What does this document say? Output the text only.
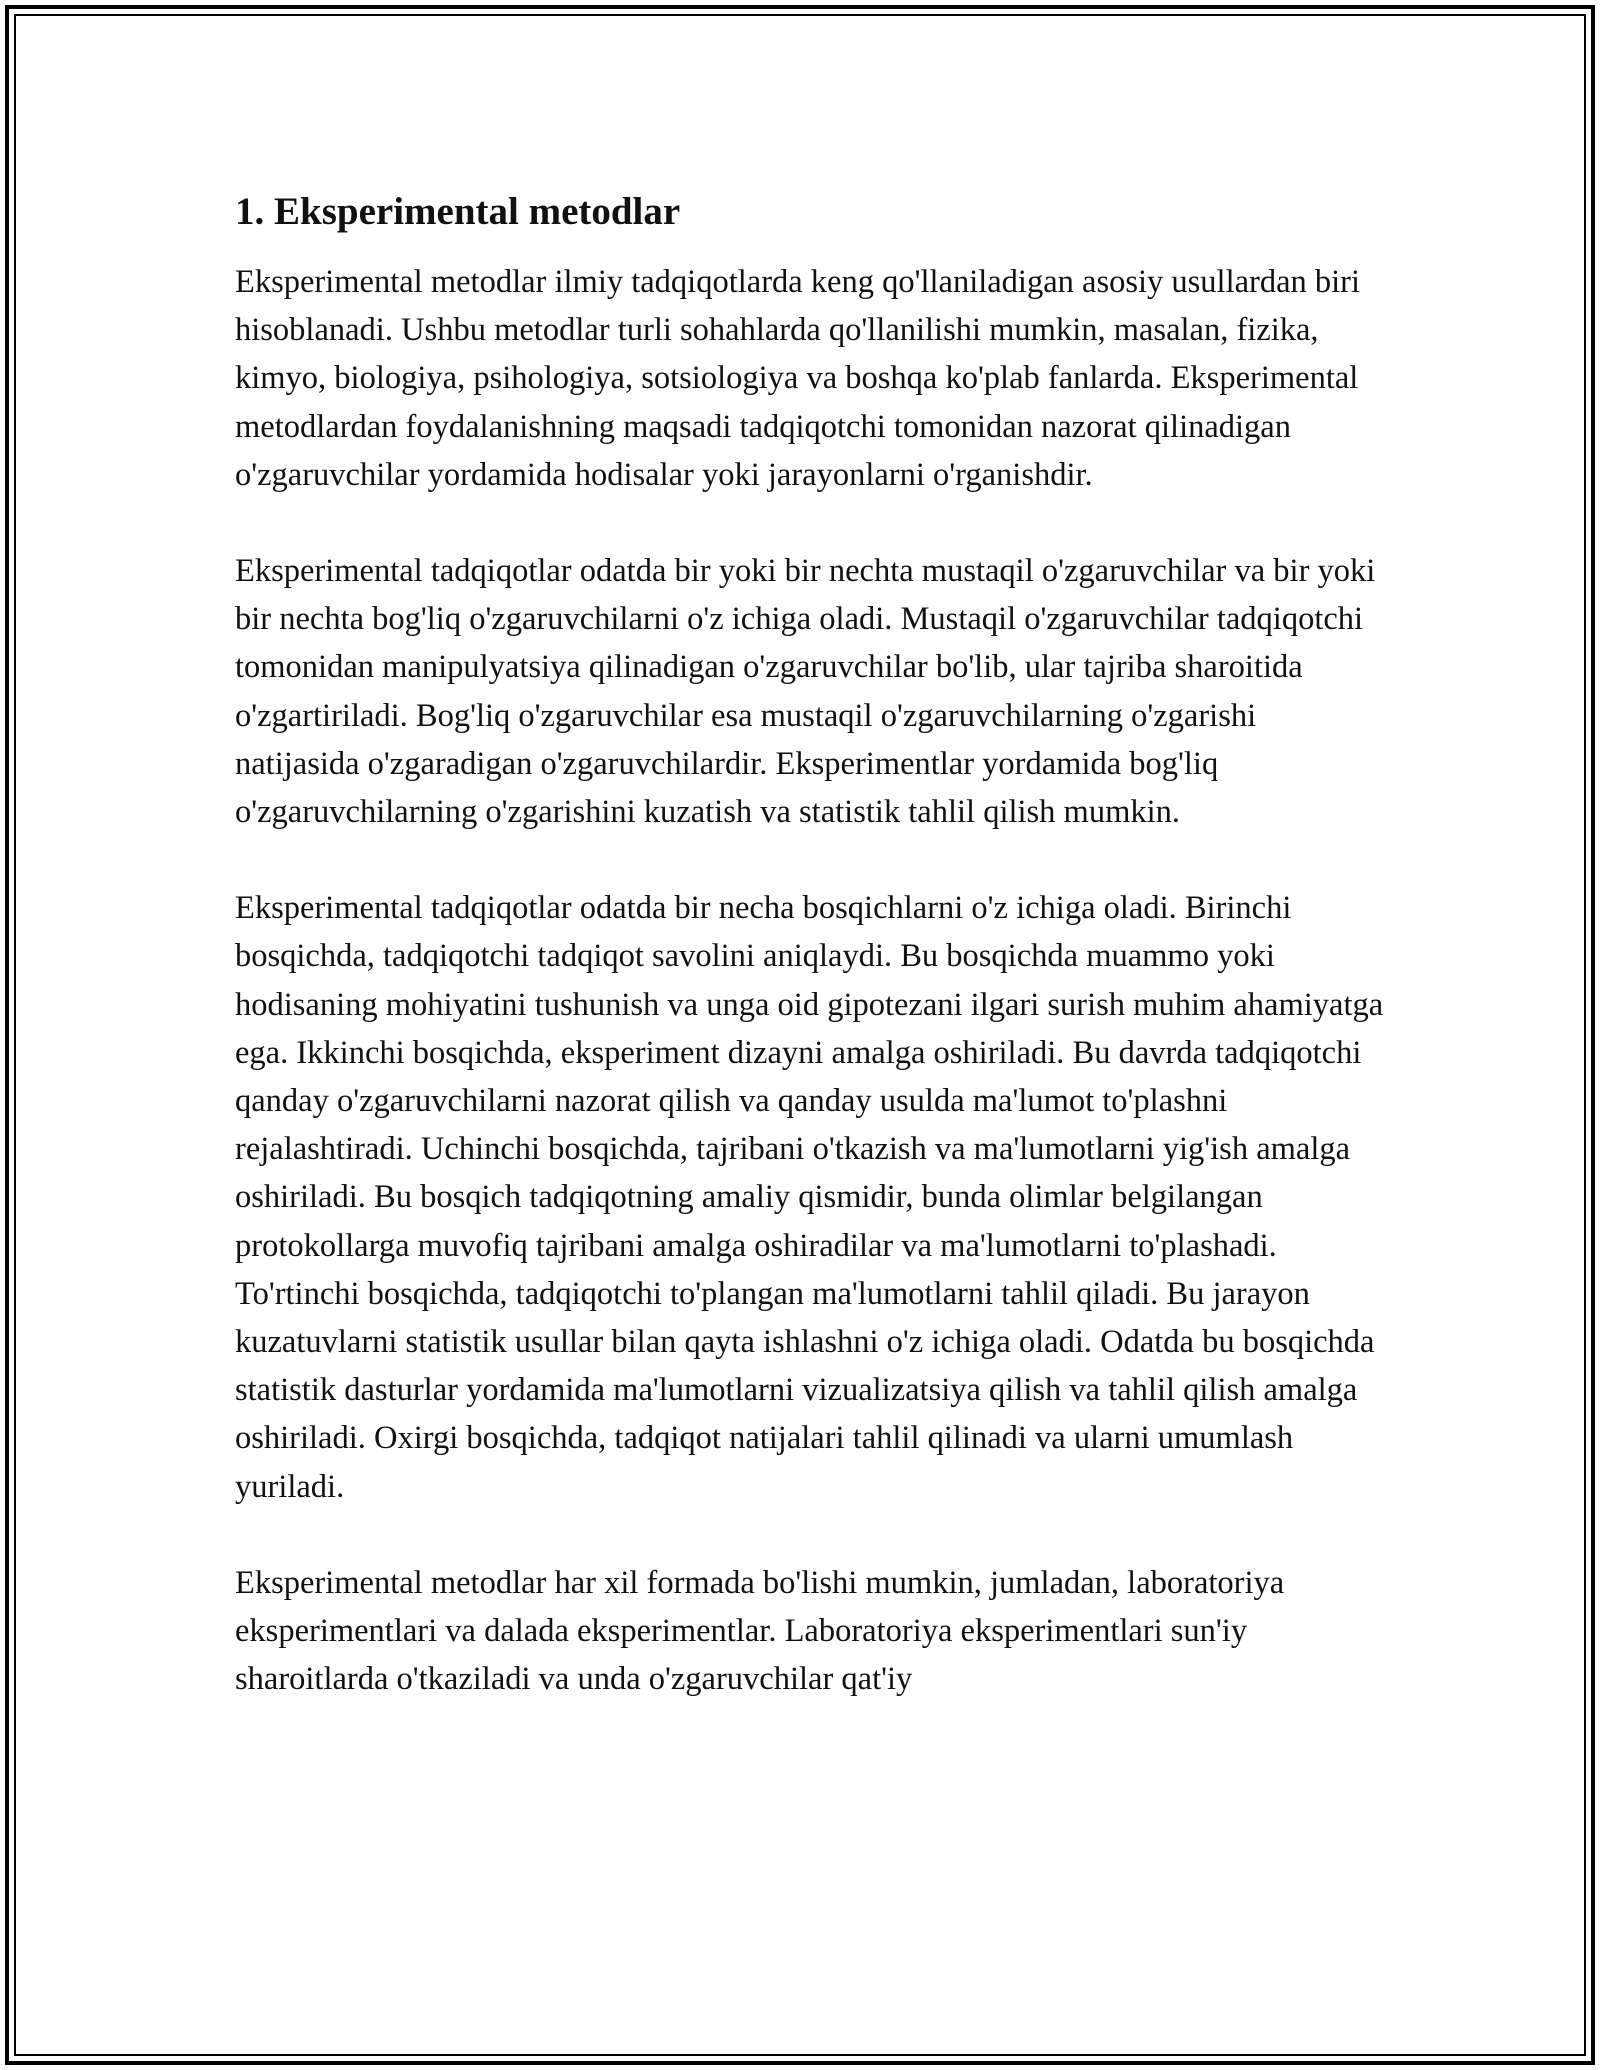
1. Eksperimental metodlar

Eksperimental metodlar ilmiy tadqiqotlarda keng qo'llaniladigan asosiy usullardan biri hisoblanadi. Ushbu metodlar turli sohahlarda qo'llanilishi mumkin, masalan, fizika, kimyo, biologiya, psihologiya, sotsiologiya va boshqa ko'plab fanlarda. Eksperimental metodlardan foydalanishning maqsadi tadqiqotchi tomonidan nazorat qilinadigan o'zgaruvchilar yordamida hodisalar yoki jarayonlarni o'rganishdir.

Eksperimental tadqiqotlar odatda bir yoki bir nechta mustaqil o'zgaruvchilar va bir yoki bir nechta bog'liq o'zgaruvchilarni o'z ichiga oladi. Mustaqil o'zgaruvchilar tadqiqotchi tomonidan manipulyatsiya qilinadigan o'zgaruvchilar bo'lib, ular tajriba sharoitida o'zgartiriladi. Bog'liq o'zgaruvchilar esa mustaqil o'zgaruvchilarning o'zgarishi natijasida o'zgaradigan o'zgaruvchilardir. Eksperimentlar yordamida bog'liq o'zgaruvchilarning o'zgarishini kuzatish va statistik tahlil qilish mumkin.

Eksperimental tadqiqotlar odatda bir necha bosqichlarni o'z ichiga oladi. Birinchi bosqichda, tadqiqotchi tadqiqot savolini aniqlaydi. Bu bosqichda muammo yoki hodisaning mohiyatini tushunish va unga oid gipotezani ilgari surish muhim ahamiyatga ega. Ikkinchi bosqichda, eksperiment dizayni amalga oshiriladi. Bu davrda tadqiqotchi qanday o'zgaruvchilarni nazorat qilish va qanday usulda ma'lumot to'plashni rejalashtiradi. Uchinchi bosqichda, tajribani o'tkazish va ma'lumotlarni yig'ish amalga oshiriladi. Bu bosqich tadqiqotning amaliy qismidir, bunda olimlar belgilangan protokollarga muvofiq tajribani amalga oshiradilar va ma'lumotlarni to'plashadi. To'rtinchi bosqichda, tadqiqotchi to'plangan ma'lumotlarni tahlil qiladi. Bu jarayon kuzatuvlarni statistik usullar bilan qayta ishlashni o'z ichiga oladi. Odatda bu bosqichda statistik dasturlar yordamida ma'lumotlarni vizualizatsiya qilish va tahlil qilish amalga oshiriladi. Oxirgi bosqichda, tadqiqot natijalari tahlil qilinadi va ularni umumlash yuriladi.

Eksperimental metodlar har xil formada bo'lishi mumkin, jumladan, laboratoriya eksperimentlari va dalada eksperimentlar. Laboratoriya eksperimentlari sun'iy sharoitlarda o'tkaziladi va unda o'zgaruvchilar qat'iy
